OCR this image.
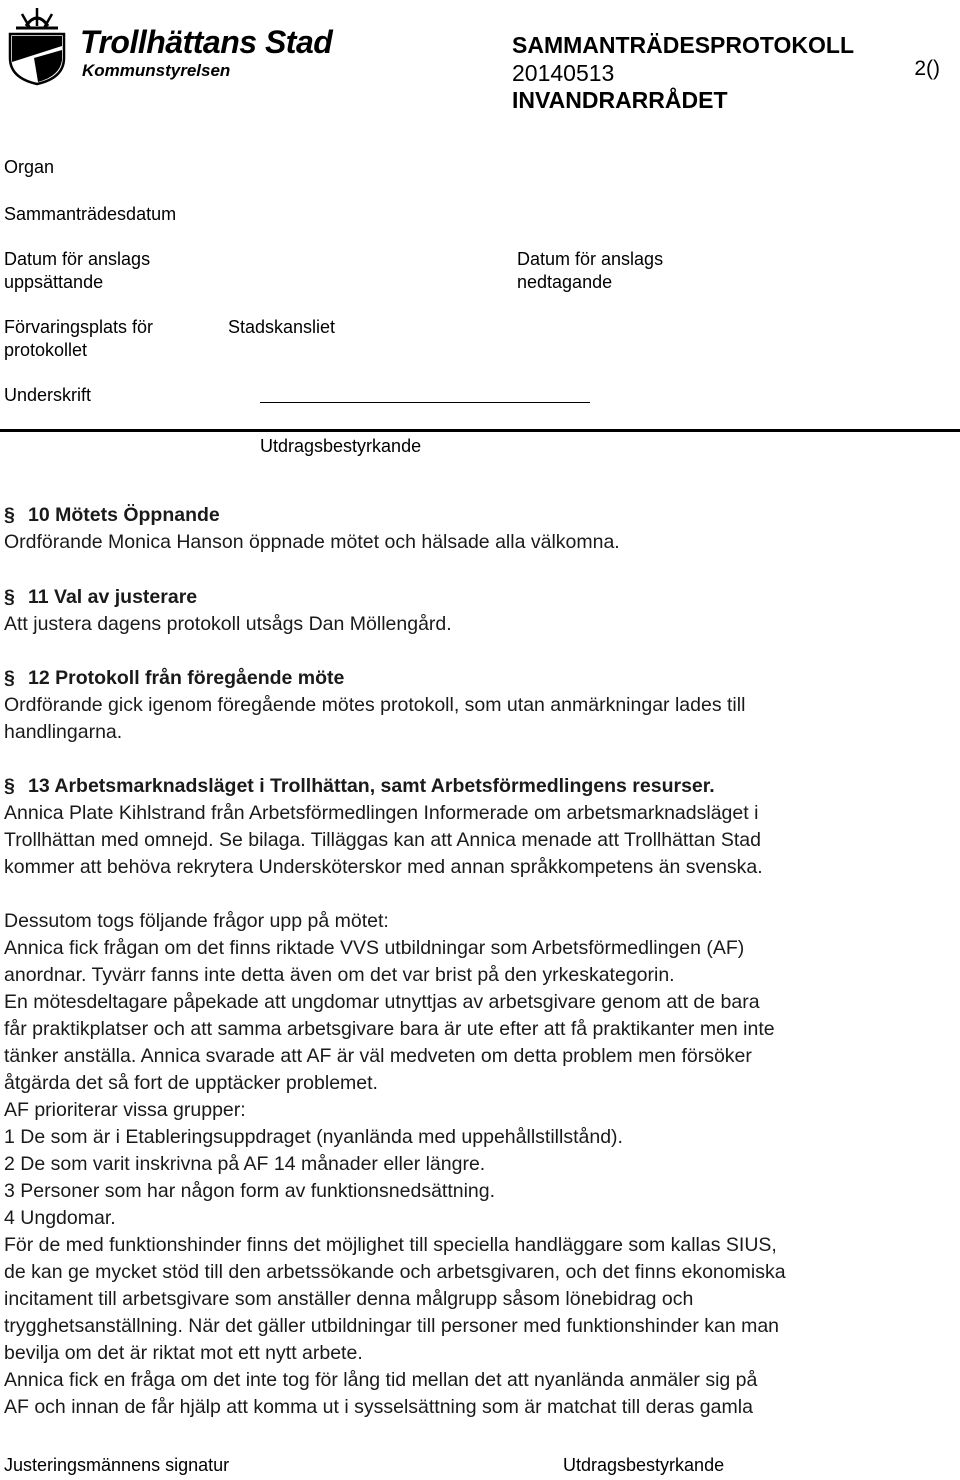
Trollhättans Stad
Kommunstyrelsen
SAMMANTRÄDESPROTOKOLL
20140513
INVANDRARRÅDET
2()
Organ
Sammanträdesdatum
Datum för anslags
uppsättande
Datum för anslags
nedtagande
Förvaringsplats för
protokollet
Stadskansliet
Underskrift
Utdragsbestyrkande
§ 10 Mötets Öppnande
Ordförande Monica Hanson öppnade mötet och hälsade alla välkomna.
§ 11 Val av justerare
Att justera dagens protokoll utsågs Dan Möllengård.
§ 12 Protokoll från föregående möte
Ordförande gick igenom föregående mötes protokoll, som utan anmärkningar lades till
handlingarna.
§ 13 Arbetsmarknadsläget i Trollhättan, samt Arbetsförmedlingens resurser.
Annica Plate Kihlstrand från Arbetsförmedlingen Informerade om arbetsmarknadsläget i
Trollhättan med omnejd. Se bilaga. Tilläggas kan att Annica menade att Trollhättan Stad
kommer att behöva rekrytera Undersköterskor med annan språkkompetens än svenska.
Dessutom togs följande frågor upp på mötet:
Annica fick frågan om det finns riktade VVS utbildningar som Arbetsförmedlingen (AF)
anordnar. Tyvärr fanns inte detta även om det var brist på den yrkeskategorin.
En mötesdeltagare påpekade att ungdomar utnyttjas av arbetsgivare genom att de bara
får praktikplatser och att samma arbetsgivare bara är ute efter att få praktikanter men inte
tänker anställa. Annica svarade att AF är väl medveten om detta problem men försöker
åtgärda det så fort de upptäcker problemet.
AF prioriterar vissa grupper:
1 De som är i Etableringsuppdraget (nyanlända med uppehållstillstånd).
2 De som varit inskrivna på AF 14 månader eller längre.
3 Personer som har någon form av funktionsnedsättning.
4 Ungdomar.
För de med funktionshinder finns det möjlighet till speciella handläggare som kallas SIUS,
de kan ge mycket stöd till den arbetssökande och arbetsgivaren, och det finns ekonomiska
incitament till arbetsgivare som anställer denna målgrupp såsom lönebidrag och
trygghetsanställning. När det gäller utbildningar till personer med funktionshinder kan man
bevilja om det är riktat mot ett nytt arbete.
Annica fick en fråga om det inte tog för lång tid mellan det att nyanlända anmäler sig på
AF och innan de får hjälp att komma ut i sysselsättning som är matchat till deras gamla
Justeringsmännens signatur	Utdragsbestyrkande
